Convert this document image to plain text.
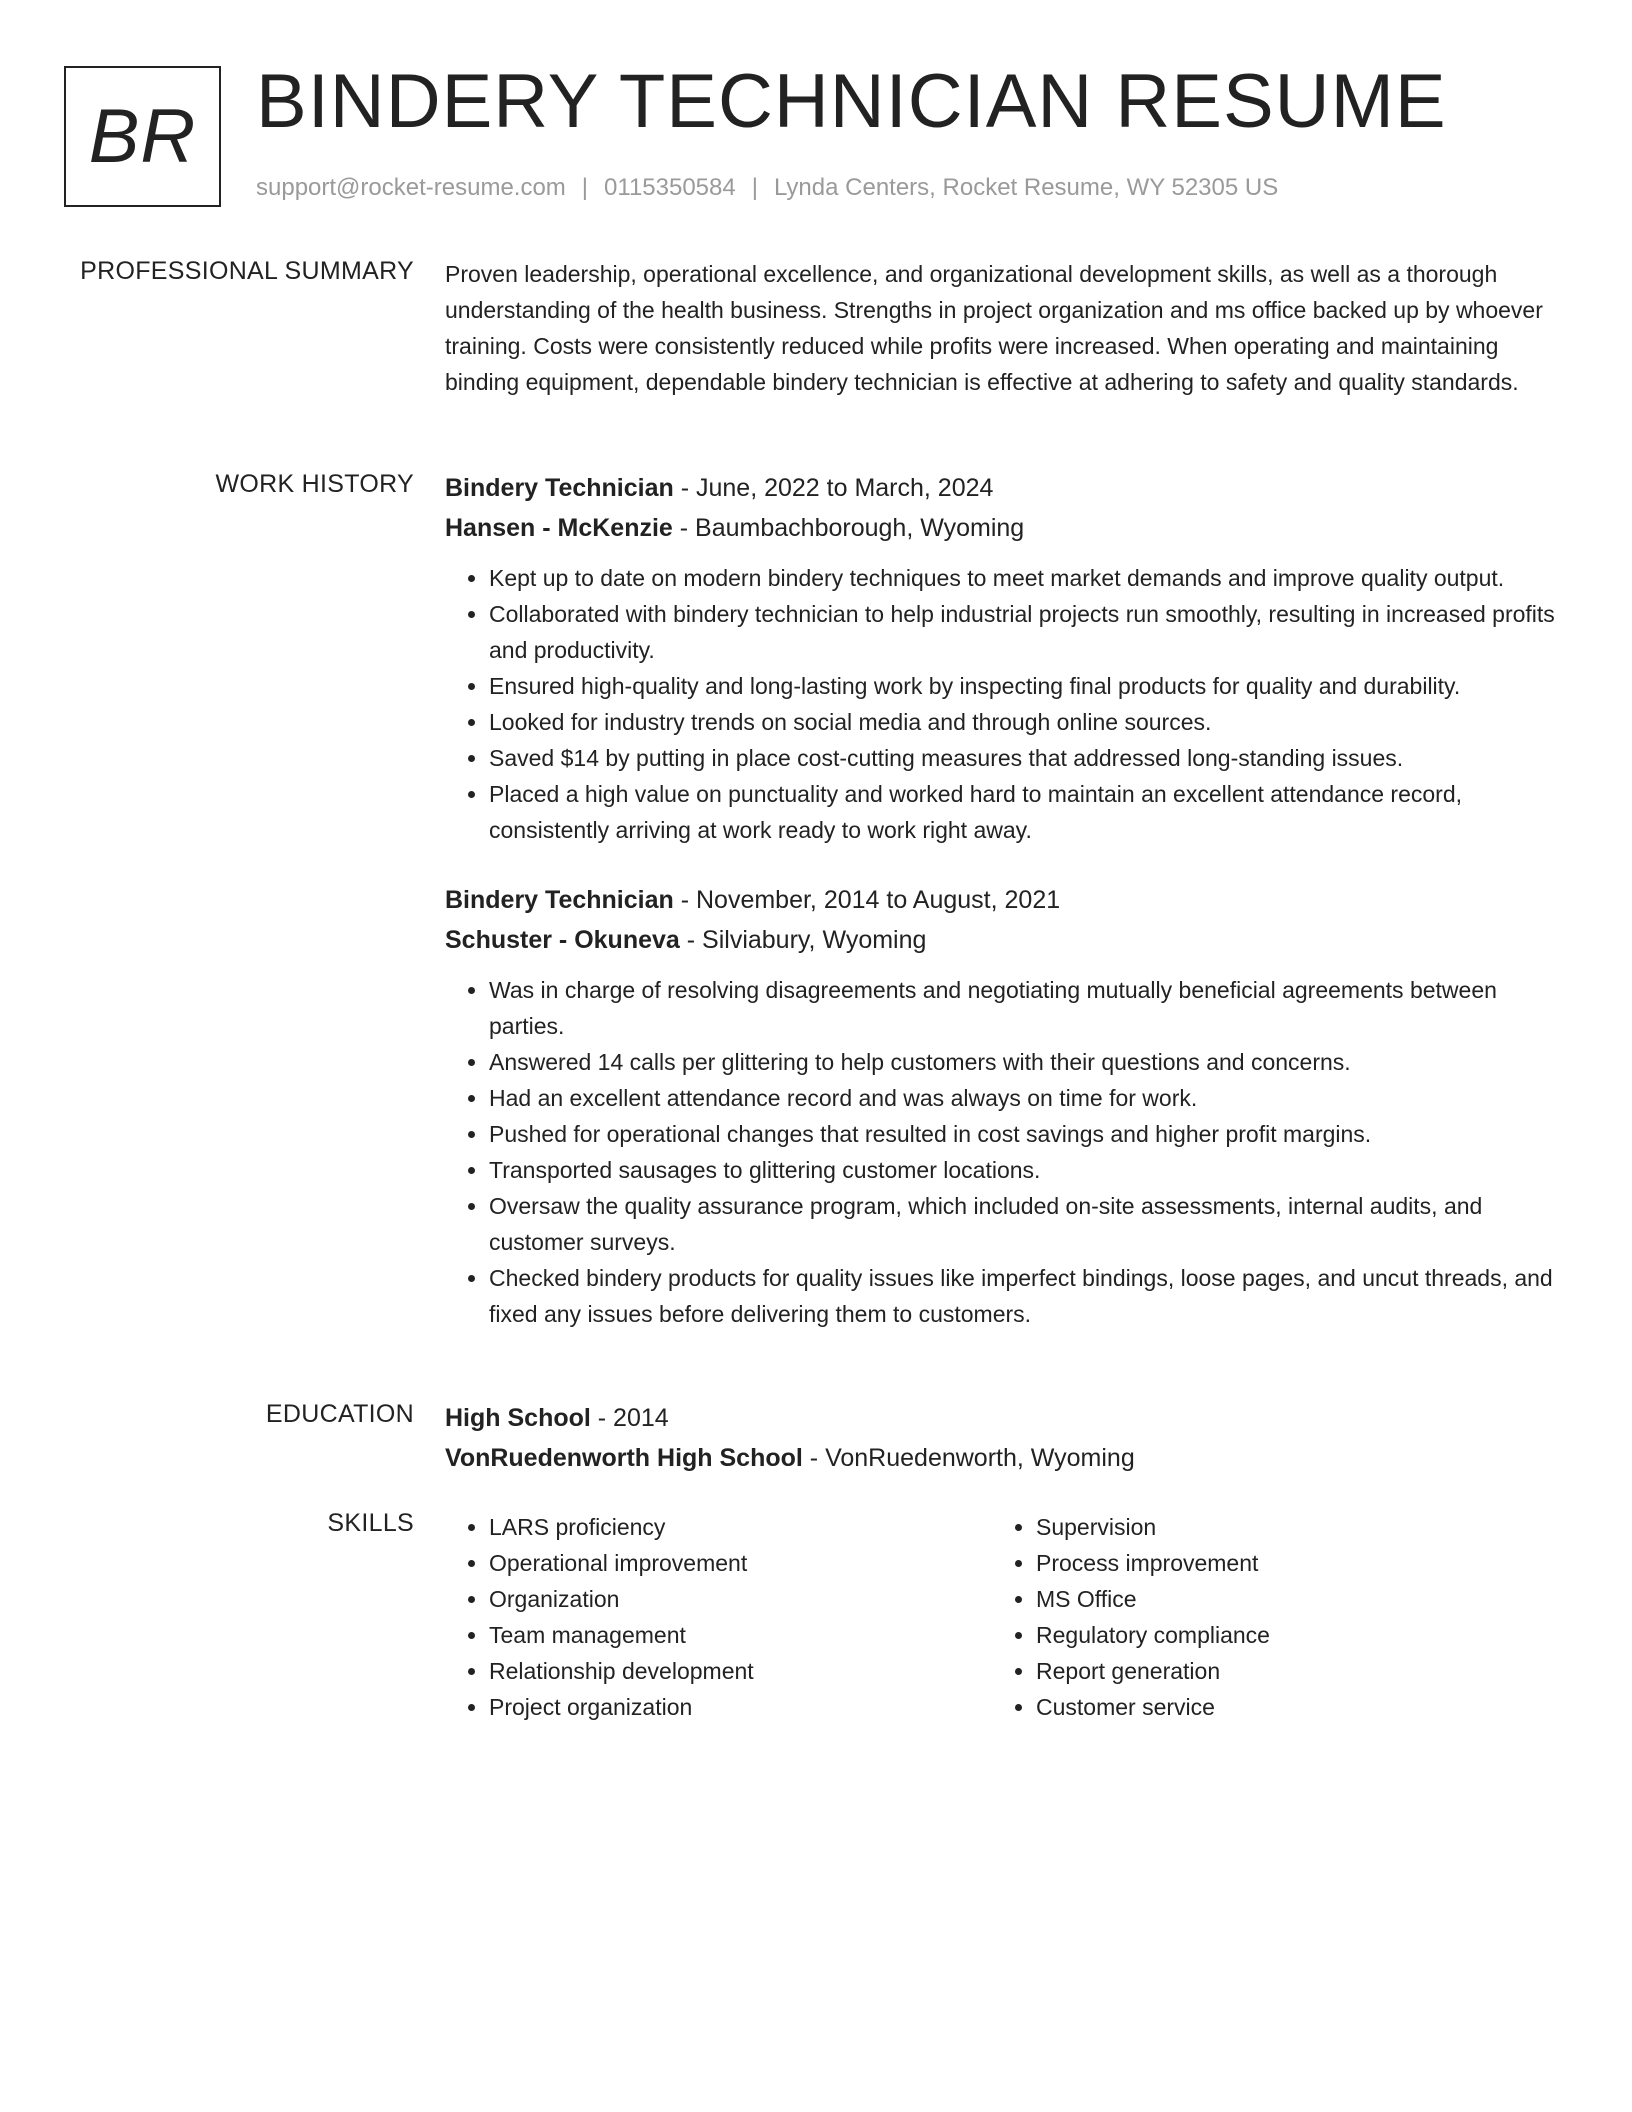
BR BINDERY TECHNICIAN RESUME
support@rocket-resume.com | 0115350584 | Lynda Centers, Rocket Resume, WY 52305 US
PROFESSIONAL SUMMARY Proven leadership, operational excellence, and organizational development skills, as well as a thorough understanding of the health business. Strengths in project organization and ms office backed up by whoever training. Costs were consistently reduced while profits were increased. When operating and maintaining binding equipment, dependable bindery technician is effective at adhering to safety and quality standards.

WORK HISTORY Bindery Technician - June, 2022 to March, 2024
Hansen - McKenzie - Baumbachborough, Wyoming
• Kept up to date on modern bindery techniques to meet market demands and improve quality output.
• Collaborated with bindery technician to help industrial projects run smoothly, resulting in increased profits and productivity.
• Ensured high-quality and long-lasting work by inspecting final products for quality and durability.
• Looked for industry trends on social media and through online sources.
• Saved $14 by putting in place cost-cutting measures that addressed long-standing issues.
• Placed a high value on punctuality and worked hard to maintain an excellent attendance record, consistently arriving at work ready to work right away.
Bindery Technician - November, 2014 to August, 2021
Schuster - Okuneva - Silviabury, Wyoming
• Was in charge of resolving disagreements and negotiating mutually beneficial agreements between parties.
• Answered 14 calls per glittering to help customers with their questions and concerns.
• Had an excellent attendance record and was always on time for work.
• Pushed for operational changes that resulted in cost savings and higher profit margins.
• Transported sausages to glittering customer locations.
• Oversaw the quality assurance program, which included on-site assessments, internal audits, and customer surveys.
• Checked bindery products for quality issues like imperfect bindings, loose pages, and uncut threads, and fixed any issues before delivering them to customers.
EDUCATION High School - 2014
VonRuedenworth High School - VonRuedenworth, Wyoming
SKILLS
•	LARS proficiency
• Operational improvement
• Organization
• Team management
• Relationship development
• Project organization
• Supervision
• Process improvement
• MS Office
• Regulatory compliance
• Report generation
• Customer service
